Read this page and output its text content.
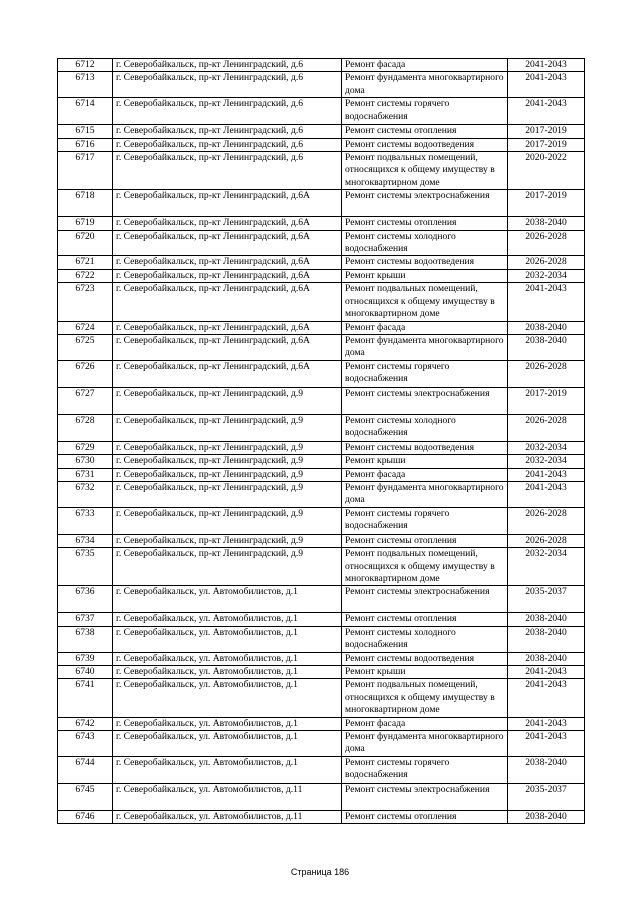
6712	г. Северобайкальск, пр-кт Ленинградский, д.6	Ремонт фасада	2041-2043
6713	г. Северобайкальск, пр-кт Ленинградский, д.6	Ремонт фундамента многоквартирного дома	2041-2043
6714	г. Северобайкальск, пр-кт Ленинградский, д.6	Ремонт системы горячего водоснабжения	2041-2043
6715	г. Северобайкальск, пр-кт Ленинградский, д.6	Ремонт системы отопления	2017-2019
6716	г. Северобайкальск, пр-кт Ленинградский, д.6	Ремонт системы водоотведения	2017-2019
6717	г. Северобайкальск, пр-кт Ленинградский, д.6	Ремонт подвальных помещений, относящихся к общему имуществу в многоквартирном доме	2020-2022
6718	г. Северобайкальск, пр-кт Ленинградский, д.6А	Ремонт системы электроснабжения	2017-2019
6719	г. Северобайкальск, пр-кт Ленинградский, д.6А	Ремонт системы отопления	2038-2040
6720	г. Северобайкальск, пр-кт Ленинградский, д.6А	Ремонт системы холодного водоснабжения	2026-2028
6721	г. Северобайкальск, пр-кт Ленинградский, д.6А	Ремонт системы водоотведения	2026-2028
6722	г. Северобайкальск, пр-кт Ленинградский, д.6А	Ремонт крыши	2032-2034
6723	г. Северобайкальск, пр-кт Ленинградский, д.6А	Ремонт подвальных помещений, относящихся к общему имуществу в многоквартирном доме	2041-2043
6724	г. Северобайкальск, пр-кт Ленинградский, д.6А	Ремонт фасада	2038-2040
6725	г. Северобайкальск, пр-кт Ленинградский, д.6А	Ремонт фундамента многоквартирного дома	2038-2040
6726	г. Северобайкальск, пр-кт Ленинградский, д.6А	Ремонт системы горячего водоснабжения	2026-2028
6727	г. Северобайкальск, пр-кт Ленинградский, д.9	Ремонт системы электроснабжения	2017-2019
6728	г. Северобайкальск, пр-кт Ленинградский, д.9	Ремонт системы холодного водоснабжения	2026-2028
6729	г. Северобайкальск, пр-кт Ленинградский, д.9	Ремонт системы водоотведения	2032-2034
6730	г. Северобайкальск, пр-кт Ленинградский, д.9	Ремонт крыши	2032-2034
6731	г. Северобайкальск, пр-кт Ленинградский, д.9	Ремонт фасада	2041-2043
6732	г. Северобайкальск, пр-кт Ленинградский, д.9	Ремонт фундамента многоквартирного дома	2041-2043
6733	г. Северобайкальск, пр-кт Ленинградский, д.9	Ремонт системы горячего водоснабжения	2026-2028
6734	г. Северобайкальск, пр-кт Ленинградский, д.9	Ремонт системы отопления	2026-2028
6735	г. Северобайкальск, пр-кт Ленинградский, д.9	Ремонт подвальных помещений, относящихся к общему имуществу в многоквартирном доме	2032-2034
6736	г. Северобайкальск, ул. Автомобилистов, д.1	Ремонт системы электроснабжения	2035-2037
6737	г. Северобайкальск, ул. Автомобилистов, д.1	Ремонт системы отопления	2038-2040
6738	г. Северобайкальск, ул. Автомобилистов, д.1	Ремонт системы холодного водоснабжения	2038-2040
6739	г. Северобайкальск, ул. Автомобилистов, д.1	Ремонт системы водоотведения	2038-2040
6740	г. Северобайкальск, ул. Автомобилистов, д.1	Ремонт крыши	2041-2043
6741	г. Северобайкальск, ул. Автомобилистов, д.1	Ремонт подвальных помещений, относящихся к общему имуществу в многоквартирном доме	2041-2043
6742	г. Северобайкальск, ул. Автомобилистов, д.1	Ремонт фасада	2041-2043
6743	г. Северобайкальск, ул. Автомобилистов, д.1	Ремонт фундамента многоквартирного дома	2041-2043
6744	г. Северобайкальск, ул. Автомобилистов, д.1	Ремонт системы горячего водоснабжения	2038-2040
6745	г. Северобайкальск, ул. Автомобилистов, д.11	Ремонт системы электроснабжения	2035-2037
6746	г. Северобайкальск, ул. Автомобилистов, д.11	Ремонт системы отопления	2038-2040
Страница 186
